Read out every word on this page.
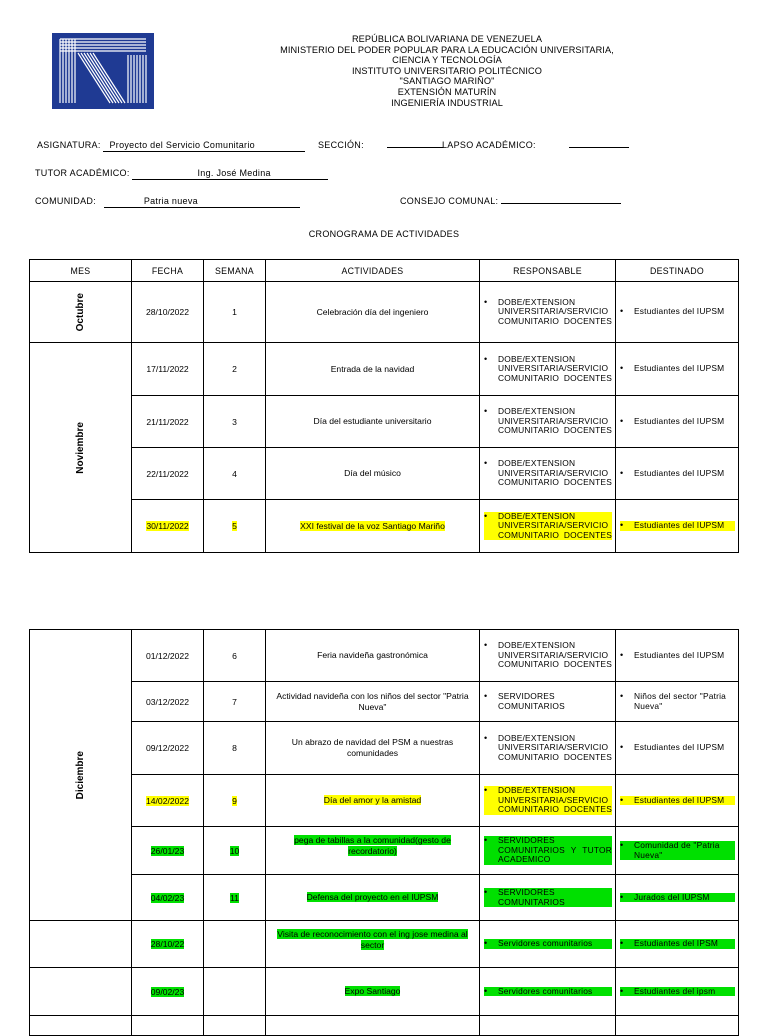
REPÚBLICA BOLIVARIANA DE VENEZUELA
MINISTERIO DEL PODER POPULAR PARA LA EDUCACIÓN UNIVERSITARIA,
CIENCIA Y TECNOLOGÍA
INSTITUTO UNIVERSITARIO POLITÉCNICO
"SANTIAGO MARIÑO"
EXTENSIÓN MATURÍN
INGENIERÍA INDUSTRIAL
ASIGNATURA: Proyecto del Servicio Comunitario	SECCIÓN:	LAPSO ACADÉMICO:
TUTOR ACADÉMICO:	Ing. José Medina
COMUNIDAD:	Patria nueva	CONSEJO COMUNAL:
CRONOGRAMA DE ACTIVIDADES
MES	FECHA	SEMANA	ACTIVIDADES	RESPONSABLE	DESTINADO

Octubre	28/10/2022	1	Celebración día del ingeniero	• DOBE/EXTENSION UNIVERSITARIA/SERVICIO COMUNITARIO DOCENTES	• Estudiantes del IUPSM

Noviembre	17/11/2022	2	Entrada de la navidad	• DOBE/EXTENSION UNIVERSITARIA/SERVICIO COMUNITARIO DOCENTES	• Estudiantes del IUPSM

	21/11/2022	3	Día del estudiante universitario	• DOBE/EXTENSION UNIVERSITARIA/SERVICIO COMUNITARIO DOCENTES	• Estudiantes del IUPSM

	22/11/2022	4	Día del músico	• DOBE/EXTENSION UNIVERSITARIA/SERVICIO COMUNITARIO DOCENTES	• Estudiantes del IUPSM

	30/11/2022	5	XXI festival de la voz Santiago Mariño	• DOBE/EXTENSION UNIVERSITARIA/SERVICIO COMUNITARIO DOCENTES	• Estudiantes del IUPSM
Diciembre	01/12/2022	6	Feria navideña gastronómica	• DOBE/EXTENSION UNIVERSITARIA/SERVICIO COMUNITARIO DOCENTES	• Estudiantes del IUPSM

	03/12/2022	7	Actividad navideña con los niños del sector "Patria Nueva"	• SERVIDORES COMUNITARIOS	• Niños del sector "Patria Nueva"

	09/12/2022	8	Un abrazo de navidad del PSM a nuestras comunidades	• DOBE/EXTENSION UNIVERSITARIA/SERVICIO COMUNITARIO DOCENTES	• Estudiantes del IUPSM

	14/02/2022	9	Día del amor y la amistad	• DOBE/EXTENSION UNIVERSITARIA/SERVICIO COMUNITARIO DOCENTES	• Estudiantes del IUPSM

	26/01/23	10	pega de tabillas a la comunidad(gesto de recordatorio)	• SERVIDORES COMUNITARIOS Y TUTOR ACADEMICO	• Comunidad de "Patria Nueva"

	04/02/23	11	Defensa del proyecto en el IUPSM	• SERVIDORES COMUNITARIOS	• Jurados del IUPSM

	28/10/22		Visita de reconocimiento con el ing jose medina al sector	• Servidores comunitarios	• Estudiantes del IPSM

	09/02/23		Expo Santiago	• Servidores comunitarios	• Estudiantes del ipsm
